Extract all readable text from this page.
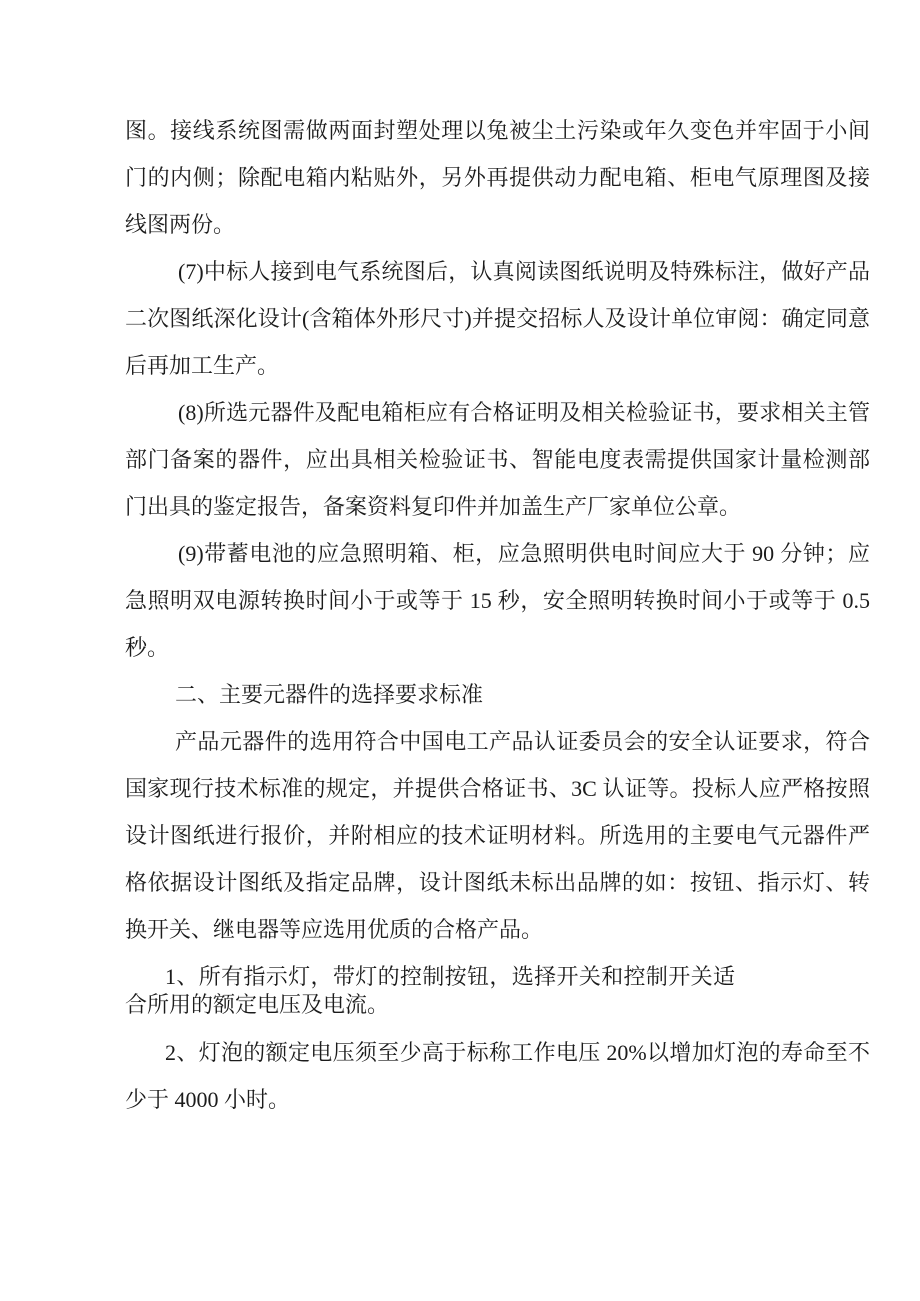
图。接线系统图需做两面封塑处理以兔被尘土污染或年久变色并牢固于小间门的内侧；除配电箱内粘贴外，另外再提供动力配电箱、柜电气原理图及接线图两份。

(7)中标人接到电气系统图后，认真阅读图纸说明及特殊标注，做好产品二次图纸深化设计(含箱体外形尺寸)并提交招标人及设计单位审阅：确定同意后再加工生产。

(8)所选元器件及配电箱柜应有合格证明及相关检验证书，要求相关主管部门备案的器件，应出具相关检验证书、智能电度表需提供国家计量检测部门出具的鉴定报告，备案资料复印件并加盖生产厂家单位公章。

(9)带蓄电池的应急照明箱、柜，应急照明供电时间应大于 90 分钟；应急照明双电源转换时间小于或等于 15 秒，安全照明转换时间小于或等于 0.5 秒。

二、主要元器件的选择要求标准

产品元器件的选用符合中国电工产品认证委员会的安全认证要求，符合国家现行技术标准的规定，并提供合格证书、3C 认证等。投标人应严格按照设计图纸进行报价，并附相应的技术证明材料。所选用的主要电气元器件严格依据设计图纸及指定品牌，设计图纸未标出品牌的如：按钮、指示灯、转换开关、继电器等应选用优质的合格产品。

1、所有指示灯，带灯的控制按钮，选择开关和控制开关适合所用的额定电压及电流。

2、灯泡的额定电压须至少高于标称工作电压 20%以增加灯泡的寿命至不少于 4000 小时。
